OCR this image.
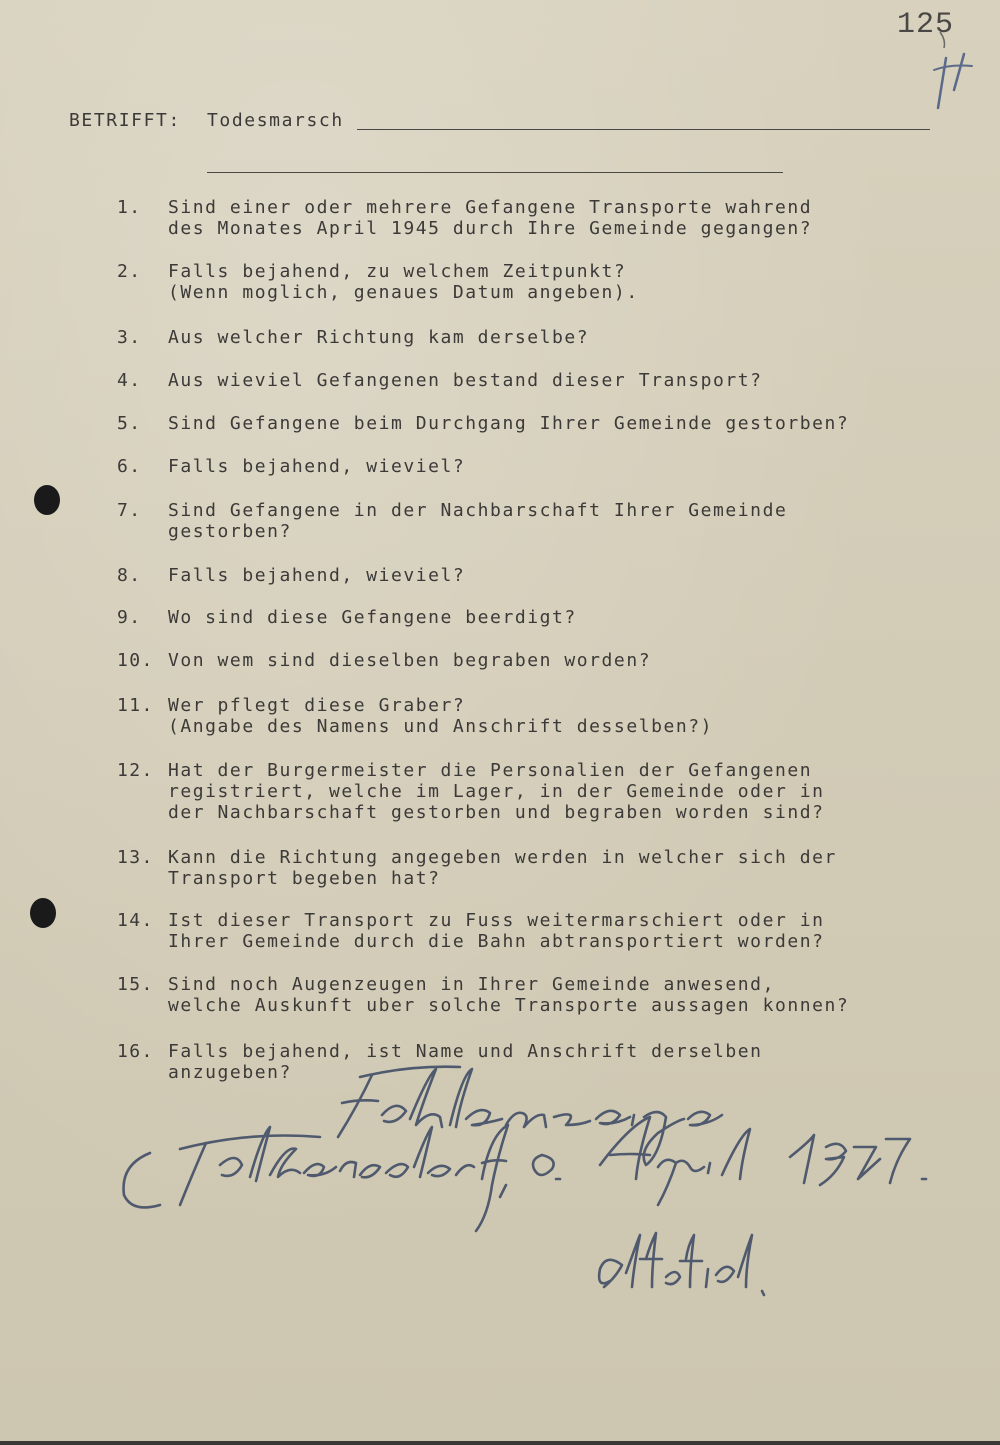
125
BETRIFFT: Todesmarsch
1.	Sind einer oder mehrere Gefangene Transporte wahrend
des Monates April 1945 durch Ihre Gemeinde gegangen?
2.	Falls bejahend, zu welchem Zeitpunkt?
(Wenn moglich, genaues Datum angeben).
3.	Aus welcher Richtung kam derselbe?
4.	Aus wieviel Gefangenen bestand dieser Transport?
5.	Sind Gefangene beim Durchgang Ihrer Gemeinde gestorben?
6.	Falls bejahend, wieviel?
7.	Sind Gefangene in der Nachbarschaft Ihrer Gemeinde
gestorben?
8.	Falls bejahend, wieviel?
9.	Wo sind diese Gefangene beerdigt?
10. Von wem sind dieselben begraben worden?
11. Wer pflegt diese Graber?
(Angabe des Namens und Anschrift desselben?)
12. Hat der Burgermeister die Personalien der Gefangenen
registriert, welche im Lager, in der Gemeinde oder in
der Nachbarschaft gestorben und begraben worden sind?
13. Kann die Richtung angegeben werden in welcher sich der
Transport begeben hat?
14. Ist dieser Transport zu Fuss weitermarschiert oder in
Ihrer Gemeinde durch die Bahn abtransportiert worden?
15. Sind noch Augenzeugen in Ihrer Gemeinde anwesend,
welche Auskunft uber solche Transporte aussagen konnen?
16. Falls bejahend, ist Name und Anschrift derselben
anzugeben?
